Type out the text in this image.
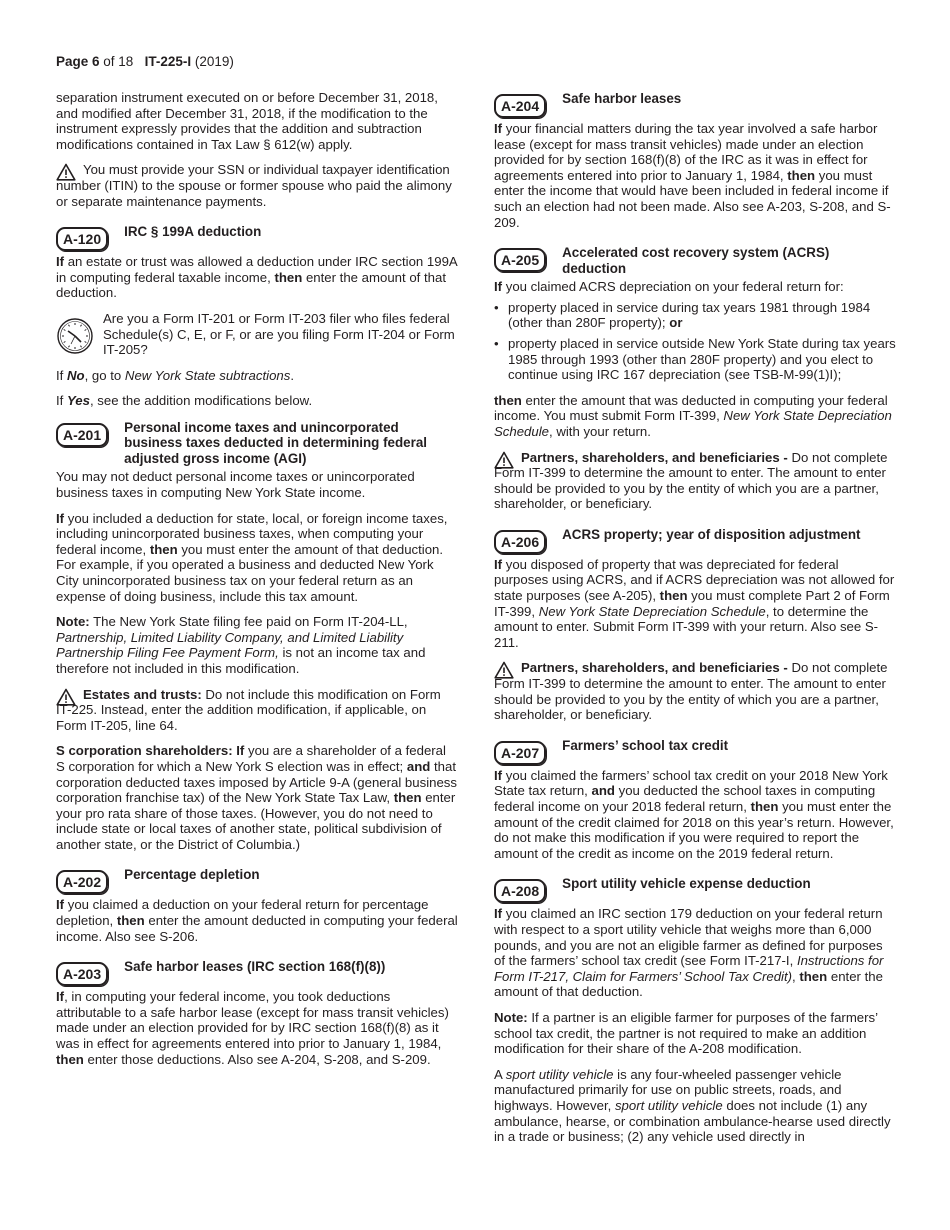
Page 6 of 18 IT-225-I (2019)

separation instrument executed on or before December 31, 2018, and modified after December 31, 2018, if the modification to the instrument expressly provides that the addition and subtraction modifications contained in Tax Law § 612(w) apply.

You must provide your SSN or individual taxpayer identification number (ITIN) to the spouse or former spouse who paid the alimony or separate maintenance payments.

A-120	IRC § 199A deduction

If an estate or trust was allowed a deduction under IRC section 199A in computing federal taxable income, then enter the amount of that deduction.

Are you a Form IT-201 or Form IT-203 filer who files federal Schedule(s) C, E, or F, or are you filing Form IT-204 or Form IT-205?

If No, go to New York State subtractions.

If Yes, see the addition modifications below.

A-201	Personal income taxes and unincorporated business taxes deducted in determining federal adjusted gross income (AGI)

You may not deduct personal income taxes or unincorporated business taxes in computing New York State income.

If you included a deduction for state, local, or foreign income taxes, including unincorporated business taxes, when computing your federal income, then you must enter the amount of that deduction. For example, if you operated a business and deducted New York City unincorporated business tax on your federal return as an expense of doing business, include this tax amount.

Note: The New York State filing fee paid on Form IT-204-LL, Partnership, Limited Liability Company, and Limited Liability Partnership Filing Fee Payment Form, is not an income tax and therefore not included in this modification.

Estates and trusts: Do not include this modification on Form IT-225. Instead, enter the addition modification, if applicable, on Form IT-205, line 64.

S corporation shareholders: If you are a shareholder of a federal S corporation for which a New York S election was in effect; and that corporation deducted taxes imposed by Article 9-A (general business corporation franchise tax) of the New York State Tax Law, then enter your pro rata share of those taxes. (However, you do not need to include state or local taxes of another state, political subdivision of another state, or the District of Columbia.)

A-202	Percentage depletion

If you claimed a deduction on your federal return for percentage depletion, then enter the amount deducted in computing your federal income. Also see S-206.

A-203	Safe harbor leases (IRC section 168(f)(8))

If, in computing your federal income, you took deductions attributable to a safe harbor lease (except for mass transit vehicles) made under an election provided for by IRC section 168(f)(8) as it was in effect for agreements entered into prior to January 1, 1984, then enter those deductions. Also see A-204, S-208, and S-209.

A-204	Safe harbor leases

If your financial matters during the tax year involved a safe harbor lease (except for mass transit vehicles) made under an election provided for by section 168(f)(8) of the IRC as it was in effect for agreements entered into prior to January 1, 1984, then you must enter the income that would have been included in federal income if such an election had not been made. Also see A-203, S-208, and S-209.

A-205	Accelerated cost recovery system (ACRS) deduction

If you claimed ACRS depreciation on your federal return for:

• property placed in service during tax years 1981 through 1984 (other than 280F property); or
• property placed in service outside New York State during tax years 1985 through 1993 (other than 280F property) and you elect to continue using IRC 167 depreciation (see TSB-M-99(1)I);

then enter the amount that was deducted in computing your federal income. You must submit Form IT-399, New York State Depreciation Schedule, with your return.

Partners, shareholders, and beneficiaries - Do not complete Form IT-399 to determine the amount to enter. The amount to enter should be provided to you by the entity of which you are a partner, shareholder, or beneficiary.

A-206	ACRS property; year of disposition adjustment

If you disposed of property that was depreciated for federal purposes using ACRS, and if ACRS depreciation was not allowed for state purposes (see A-205), then you must complete Part 2 of Form IT-399, New York State Depreciation Schedule, to determine the amount to enter. Submit Form IT-399 with your return. Also see S-211.

Partners, shareholders, and beneficiaries - Do not complete Form IT-399 to determine the amount to enter. The amount to enter should be provided to you by the entity of which you are a partner, shareholder, or beneficiary.

A-207	Farmers’ school tax credit

If you claimed the farmers’ school tax credit on your 2018 New York State tax return, and you deducted the school taxes in computing federal income on your 2018 federal return, then you must enter the amount of the credit claimed for 2018 on this year’s return. However, do not make this modification if you were required to report the amount of the credit as income on the 2019 federal return.

A-208	Sport utility vehicle expense deduction

If you claimed an IRC section 179 deduction on your federal return with respect to a sport utility vehicle that weighs more than 6,000 pounds, and you are not an eligible farmer as defined for purposes of the farmers’ school tax credit (see Form IT-217-I, Instructions for Form IT-217, Claim for Farmers’ School Tax Credit), then enter the amount of that deduction.

Note: If a partner is an eligible farmer for purposes of the farmers’ school tax credit, the partner is not required to make an addition modification for their share of the A-208 modification.

A sport utility vehicle is any four-wheeled passenger vehicle manufactured primarily for use on public streets, roads, and highways. However, sport utility vehicle does not include (1) any ambulance, hearse, or combination ambulance-hearse used directly in a trade or business; (2) any vehicle used directly in
